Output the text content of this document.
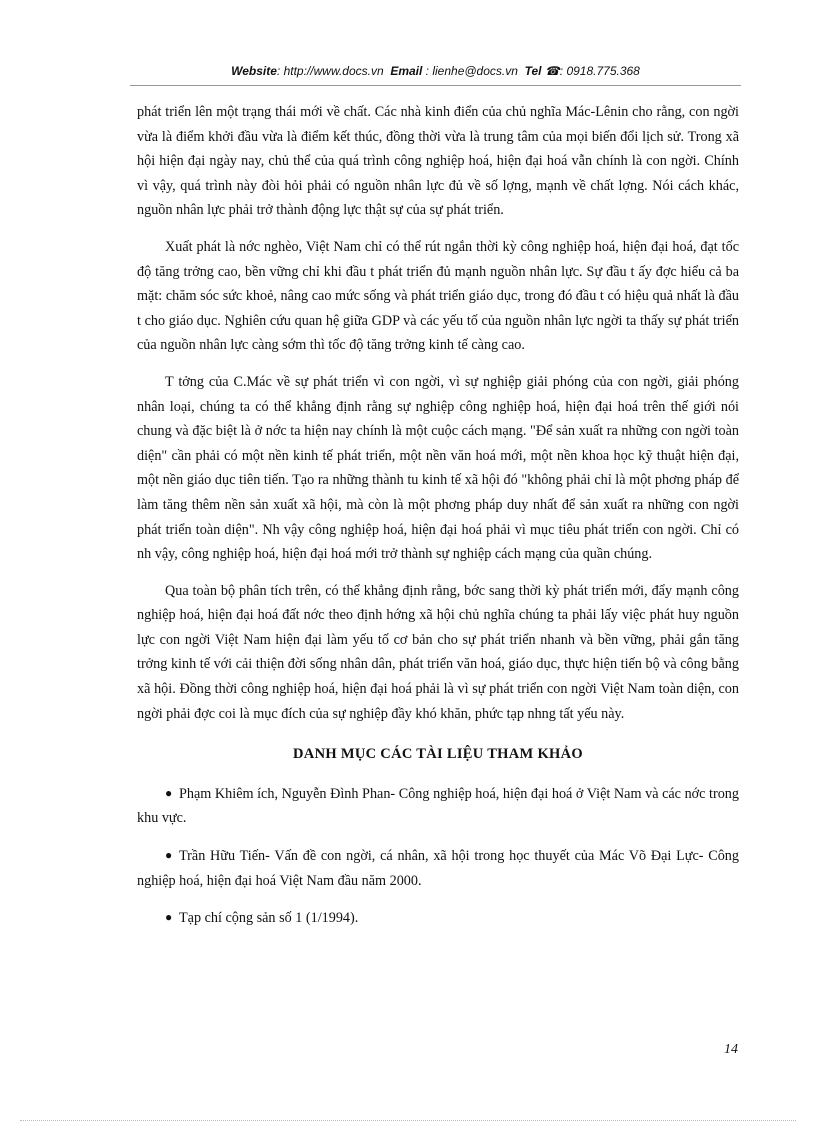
Website: http://www.docs.vn Email : lienhe@docs.vn Tel ☎: 0918.775.368

phát triển lên một trạng thái mới về chất. Các nhà kinh điển của chủ nghĩa Mác-Lênin cho rằng, con ngời vừa là điểm khởi đầu vừa là điểm kết thúc, đồng thời vừa là trung tâm của mọi biến đổi lịch sử. Trong xã hội hiện đại ngày nay, chủ thể của quá trình công nghiệp hoá, hiện đại hoá vẫn chính là con ngời. Chính vì vậy, quá trình này đòi hỏi phải có nguồn nhân lực đủ về số lợng, mạnh về chất lợng. Nói cách khác, nguồn nhân lực phải trở thành động lực thật sự của sự phát triển.

Xuất phát là nớc nghèo, Việt Nam chỉ có thể rút ngắn thời kỳ công nghiệp hoá, hiện đại hoá, đạt tốc độ tăng trởng cao, bền vững chỉ khi đầu t phát triển đủ mạnh nguồn nhân lực. Sự đầu t ấy đợc hiểu cả ba mặt: chăm sóc sức khoẻ, nâng cao mức sống và phát triển giáo dục, trong đó đầu t có hiệu quả nhất là đầu t cho giáo dục. Nghiên cứu quan hệ giữa GDP và các yếu tố của nguồn nhân lực ngời ta thấy sự phát triển của nguồn nhân lực càng sớm thì tốc độ tăng trởng kinh tế càng cao.

T tởng của C.Mác về sự phát triển vì con ngời, vì sự nghiệp giải phóng của con ngời, giải phóng nhân loại, chúng ta có thể khẳng định rằng sự nghiệp công nghiệp hoá, hiện đại hoá trên thế giới nói chung và đặc biệt là ở nớc ta hiện nay chính là một cuộc cách mạng. "Để sản xuất ra những con ngời toàn diện" cần phải có một nền kinh tế phát triển, một nền văn hoá mới, một nền khoa học kỹ thuật hiện đại, một nền giáo dục tiên tiến. Tạo ra những thành tu kinh tế xã hội đó "không phải chỉ là một phơng pháp để làm tăng thêm nền sản xuất xã hội, mà còn là một phơng pháp duy nhất để sản xuất ra những con ngời phát triển toàn diện". Nh vậy công nghiệp hoá, hiện đại hoá phải vì mục tiêu phát triển con ngời. Chỉ có nh vậy, công nghiệp hoá, hiện đại hoá mới trở thành sự nghiệp cách mạng của quần chúng.

Qua toàn bộ phân tích trên, có thể khẳng định rằng, bớc sang thời kỳ phát triển mới, đẩy mạnh công nghiệp hoá, hiện đại hoá đất nớc theo định hớng xã hội chủ nghĩa chúng ta phải lấy việc phát huy nguồn lực con ngời Việt Nam hiện đại làm yếu tố cơ bản cho sự phát triển nhanh và bền vững, phải gắn tăng trởng kinh tế với cải thiện đời sống nhân dân, phát triển văn hoá, giáo dục, thực hiện tiến bộ và công bằng xã hội. Đồng thời công nghiệp hoá, hiện đại hoá phải là vì sự phát triển con ngời Việt Nam toàn diện, con ngời phải đợc coi là mục đích của sự nghiệp đầy khó khăn, phức tạp nhng tất yếu này.

DANH MỤC CÁC TÀI LIỆU THAM KHẢO
● Phạm Khiêm ích, Nguyễn Đình Phan- Công nghiệp hoá, hiện đại hoá ở Việt Nam và các nớc trong khu vực.
● Trần Hữu Tiến- Vấn đề con ngời, cá nhân, xã hội trong học thuyết của Mác Võ Đại Lực- Công nghiệp hoá, hiện đại hoá Việt Nam đầu năm 2000.
● Tạp chí cộng sản số 1 (1/1994).
14
